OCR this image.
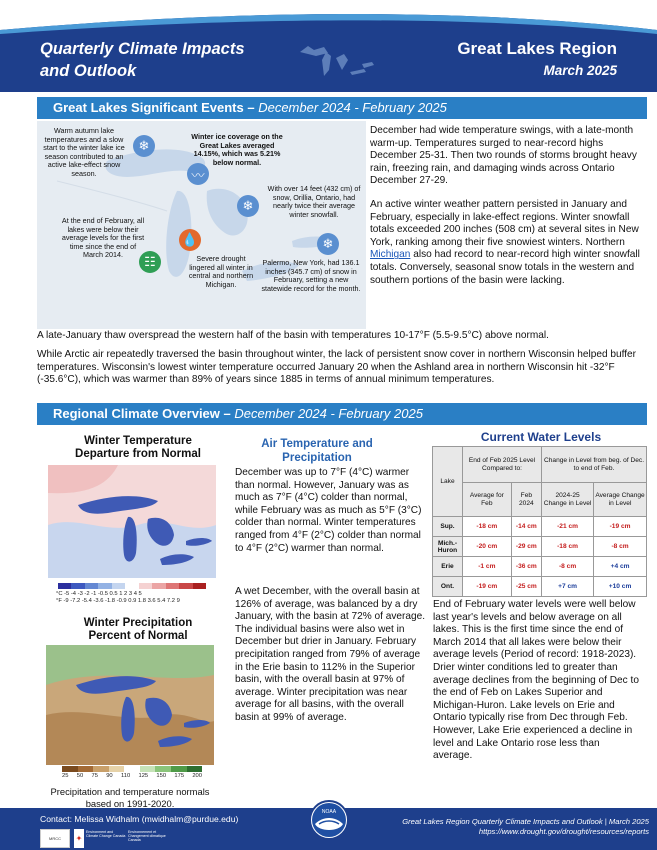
Quarterly Climate Impacts
and Outlook
Great Lakes Region
March 2025
Great Lakes Significant Events – December 2024 - February 2025
Warm autumn lake temperatures and a slow start to the winter lake ice season contributed to an active lake-effect snow season.
❄
Winter ice coverage on the Great Lakes averaged 14.15%, which was 5.21% below normal.
〰
With over 14 feet (432 cm) of snow, Orillia, Ontario, had nearly twice their average winter snowfall.
❄
At the end of February, all lakes were below their average levels for the first time since the end of March 2014.	☷
💧
Severe drought lingered all winter in central and northern Michigan.
❄
Palermo, New York, had 136.1 inches (345.7 cm) of snow in February, setting a new statewide record for the month.
December had wide temperature swings, with a late-month warm-up. Temperatures surged to near-record highs December 25-31. Then two rounds of storms brought heavy rain, freezing rain, and damaging winds across Ontario December 27-29.
An active winter weather pattern persisted in January and February, especially in lake-effect regions. Winter snowfall totals exceeded 200 inches (508 cm) at several sites in New York, ranking among their five snowiest winters. Northern Michigan also had record to near-record high winter snowfall totals. Conversely, seasonal snow totals in the western and southern portions of the basin were lacking.
A late-January thaw overspread the western half of the basin with temperatures 10-17°F (5.5-9.5°C) above normal.
While Arctic air repeatedly traversed the basin throughout winter, the lack of persistent snow cover in northern Wisconsin helped buffer temperatures. Wisconsin's lowest winter temperature occurred January 20 when the Ashland area in northern Wisconsin hit -32°F (-35.6°C), which was warmer than 89% of years since 1885 in terms of annual minimum temperatures.
Regional Climate Overview – December 2024 - February 2025
Winter Temperature
Departure from Normal
°C -5 -4 -3 -2 -1 -0.5 0.5 1 2 3 4 5
°F -9 -7.2 -5.4 -3.6 -1.8 -0.9 0.9 1.8 3.6 5.4 7.2 9
Winter Precipitation
Percent of Normal
25 50 75 90 110 125 150 175 200
Precipitation and temperature normals based on 1991-2020.
Air Temperature and Precipitation
December was up to 7°F (4°C) warmer than normal. However, January was as much as 7°F (4°C) colder than normal, while February was as much as 5°F (3°C) colder than normal. Winter temperatures ranged from 4°F (2°C) colder than normal to 4°F (2°C) warmer than normal.
A wet December, with the overall basin at 126% of average, was balanced by a dry January, with the basin at 72% of average. The individual basins were also wet in December but drier in January. February precipitation ranged from 79% of average in the Erie basin to 112% in the Superior basin, with the overall basin at 97% of average. Winter precipitation was near average for all basins, with the overall basin at 99% of average.
Current Water Levels
Lake	End of Feb 2025 Level Compared to:		Change in Level from beg. of Dec. to end of Feb.	
	Average for Feb	Feb 2024	2024-25 Change in Level	Average Change in Level
Sup.	-18 cm	-14 cm	-21 cm	-19 cm
Mich.-Huron	-20 cm	-29 cm	-18 cm	-8 cm
Erie	-1 cm	-36 cm	-8 cm	+4 cm
Ont.	-19 cm	-25 cm	+7 cm	+10 cm
End of February water levels were well below last year's levels and below average on all lakes. This is the first time since the end of March 2014 that all lakes were below their average levels (Period of record: 1918-2023). Drier winter conditions led to greater than average declines from the beginning of Dec to the end of Feb on Lakes Superior and Michigan-Huron. Lake levels on Erie and Ontario typically rise from Dec through Feb. However, Lake Erie experienced a decline in level and Lake Ontario rose less than average.
Contact: Melissa Widhalm (mwidhalm@purdue.edu)
MRCC ✦
Environment and Climate Change Canada
Environnement et Changement climatique Canada
Great Lakes Region Quarterly Climate Impacts and Outlook | March 2025
https://www.drought.gov/drought/resources/reports
NOAA
